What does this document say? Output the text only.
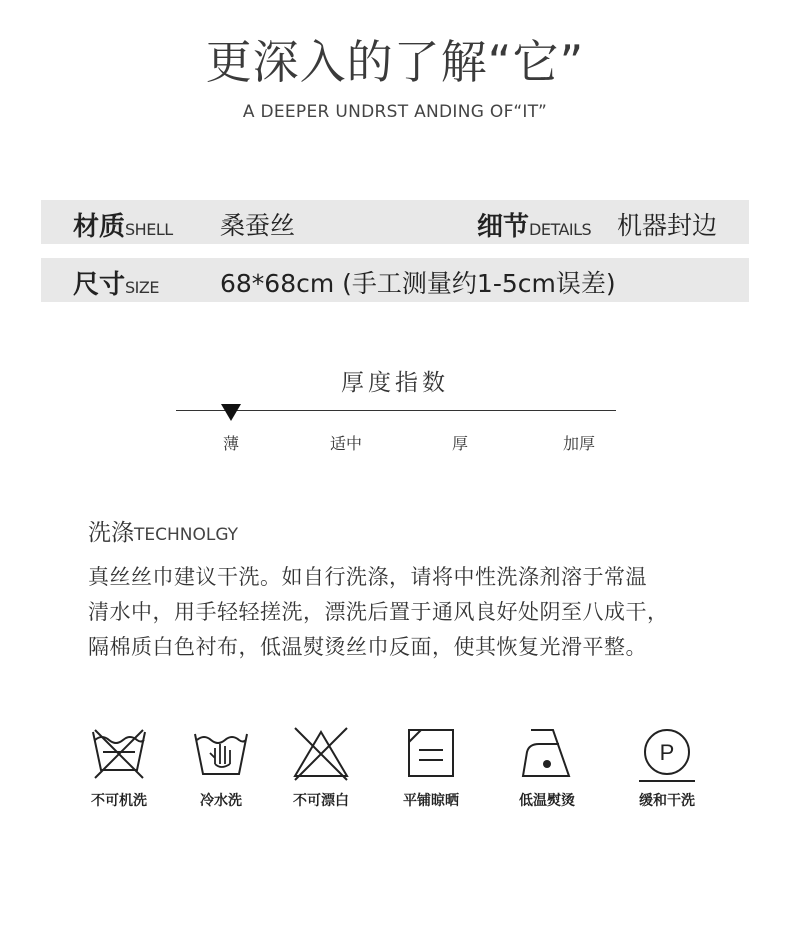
更深入的了解“它”
A DEEPER UNDRST ANDING OF“IT”
材质SHELL 桑蚕丝	细节DETAILS 机器封边
尺寸SIZE 68*68cm (手工测量约1-5cm误差)
厚度指数
薄	适中	厚	加厚
洗涤TECHNOLGY
真丝丝巾建议干洗。如自行洗涤，请将中性洗涤剂溶于常温
清水中，用手轻轻搓洗，漂洗后置于通风良好处阴至八成干，
隔棉质白色衬布，低温熨烫丝巾反面，使其恢复光滑平整。
不可机洗	冷水洗	不可漂白	平铺晾晒	低温熨烫
P
缓和干洗
